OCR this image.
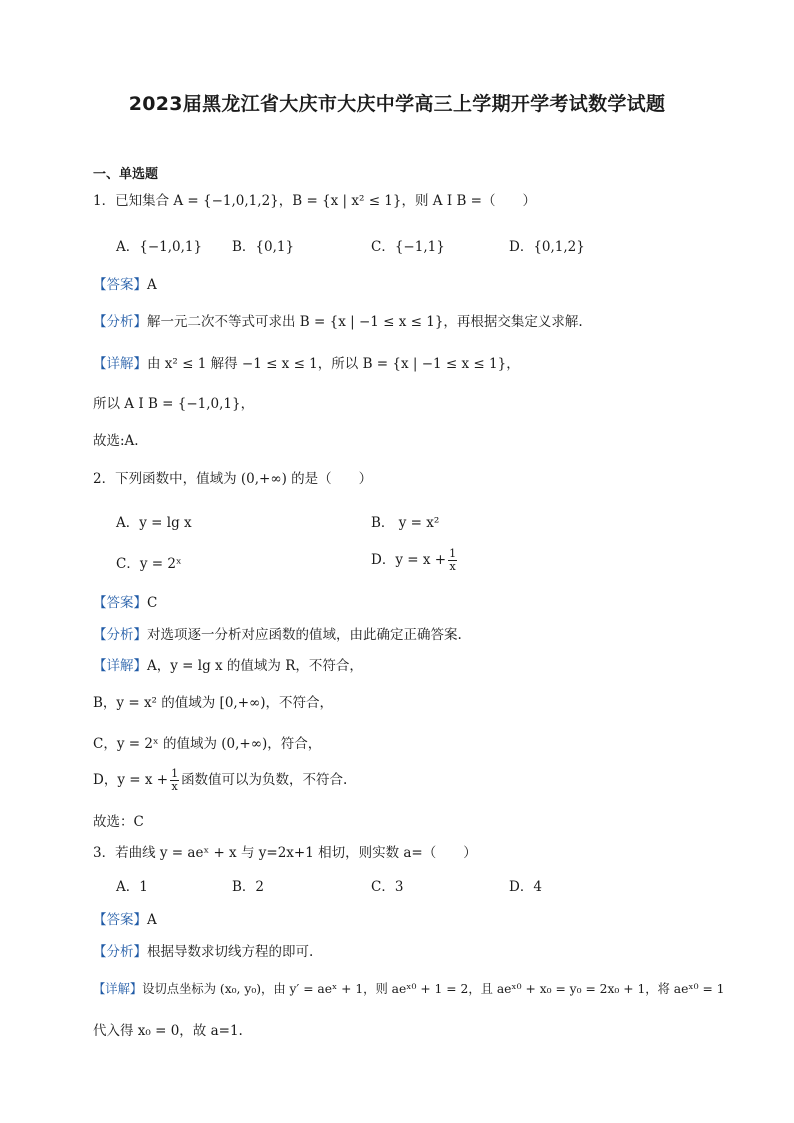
2023届黑龙江省大庆市大庆中学高三上学期开学考试数学试题
一、单选题
1．已知集合 A = {−1,0,1,2}，B = {x | x² ≤ 1}，则 A I B =（　　）
A．{−1,0,1} B．{0,1}	C．{−1,1}	D．{0,1,2}
【答案】A
【分析】解一元二次不等式可求出 B = {x | −1 ≤ x ≤ 1}，再根据交集定义求解.
【详解】由 x² ≤ 1 解得 −1 ≤ x ≤ 1，所以 B = {x | −1 ≤ x ≤ 1}，
所以 A I B = {−1,0,1}，
故选:A.
2．下列函数中，值域为 (0,+∞) 的是（　　）
A．y = lg x	B． y = x²
C．y = 2ˣ	D．$y = x + \frac{1}{x}$
【答案】C
【分析】对选项逐一分析对应函数的值域，由此确定正确答案.
【详解】A，y = lg x 的值域为 R，不符合，
B，y = x² 的值域为 [0,+∞)，不符合，
C，y = 2ˣ 的值域为 (0,+∞)，符合，
D，$y = x + \frac{1}{x}$ 函数值可以为负数，不符合.
故选：C
3．若曲线 y = aeˣ + x 与 y=2x+1 相切，则实数 a=（　　）
A．1	B．2	C．3	D．4
【答案】A
【分析】根据导数求切线方程的即可.
【详解】设切点坐标为 (x₀, y₀)，由 y′ = aeˣ + 1，则 aeˣ⁰ + 1 = 2，且 aeˣ⁰ + x₀ = y₀ = 2x₀ + 1，将 aeˣ⁰ = 1
代入得 x₀ = 0，故 a=1.
